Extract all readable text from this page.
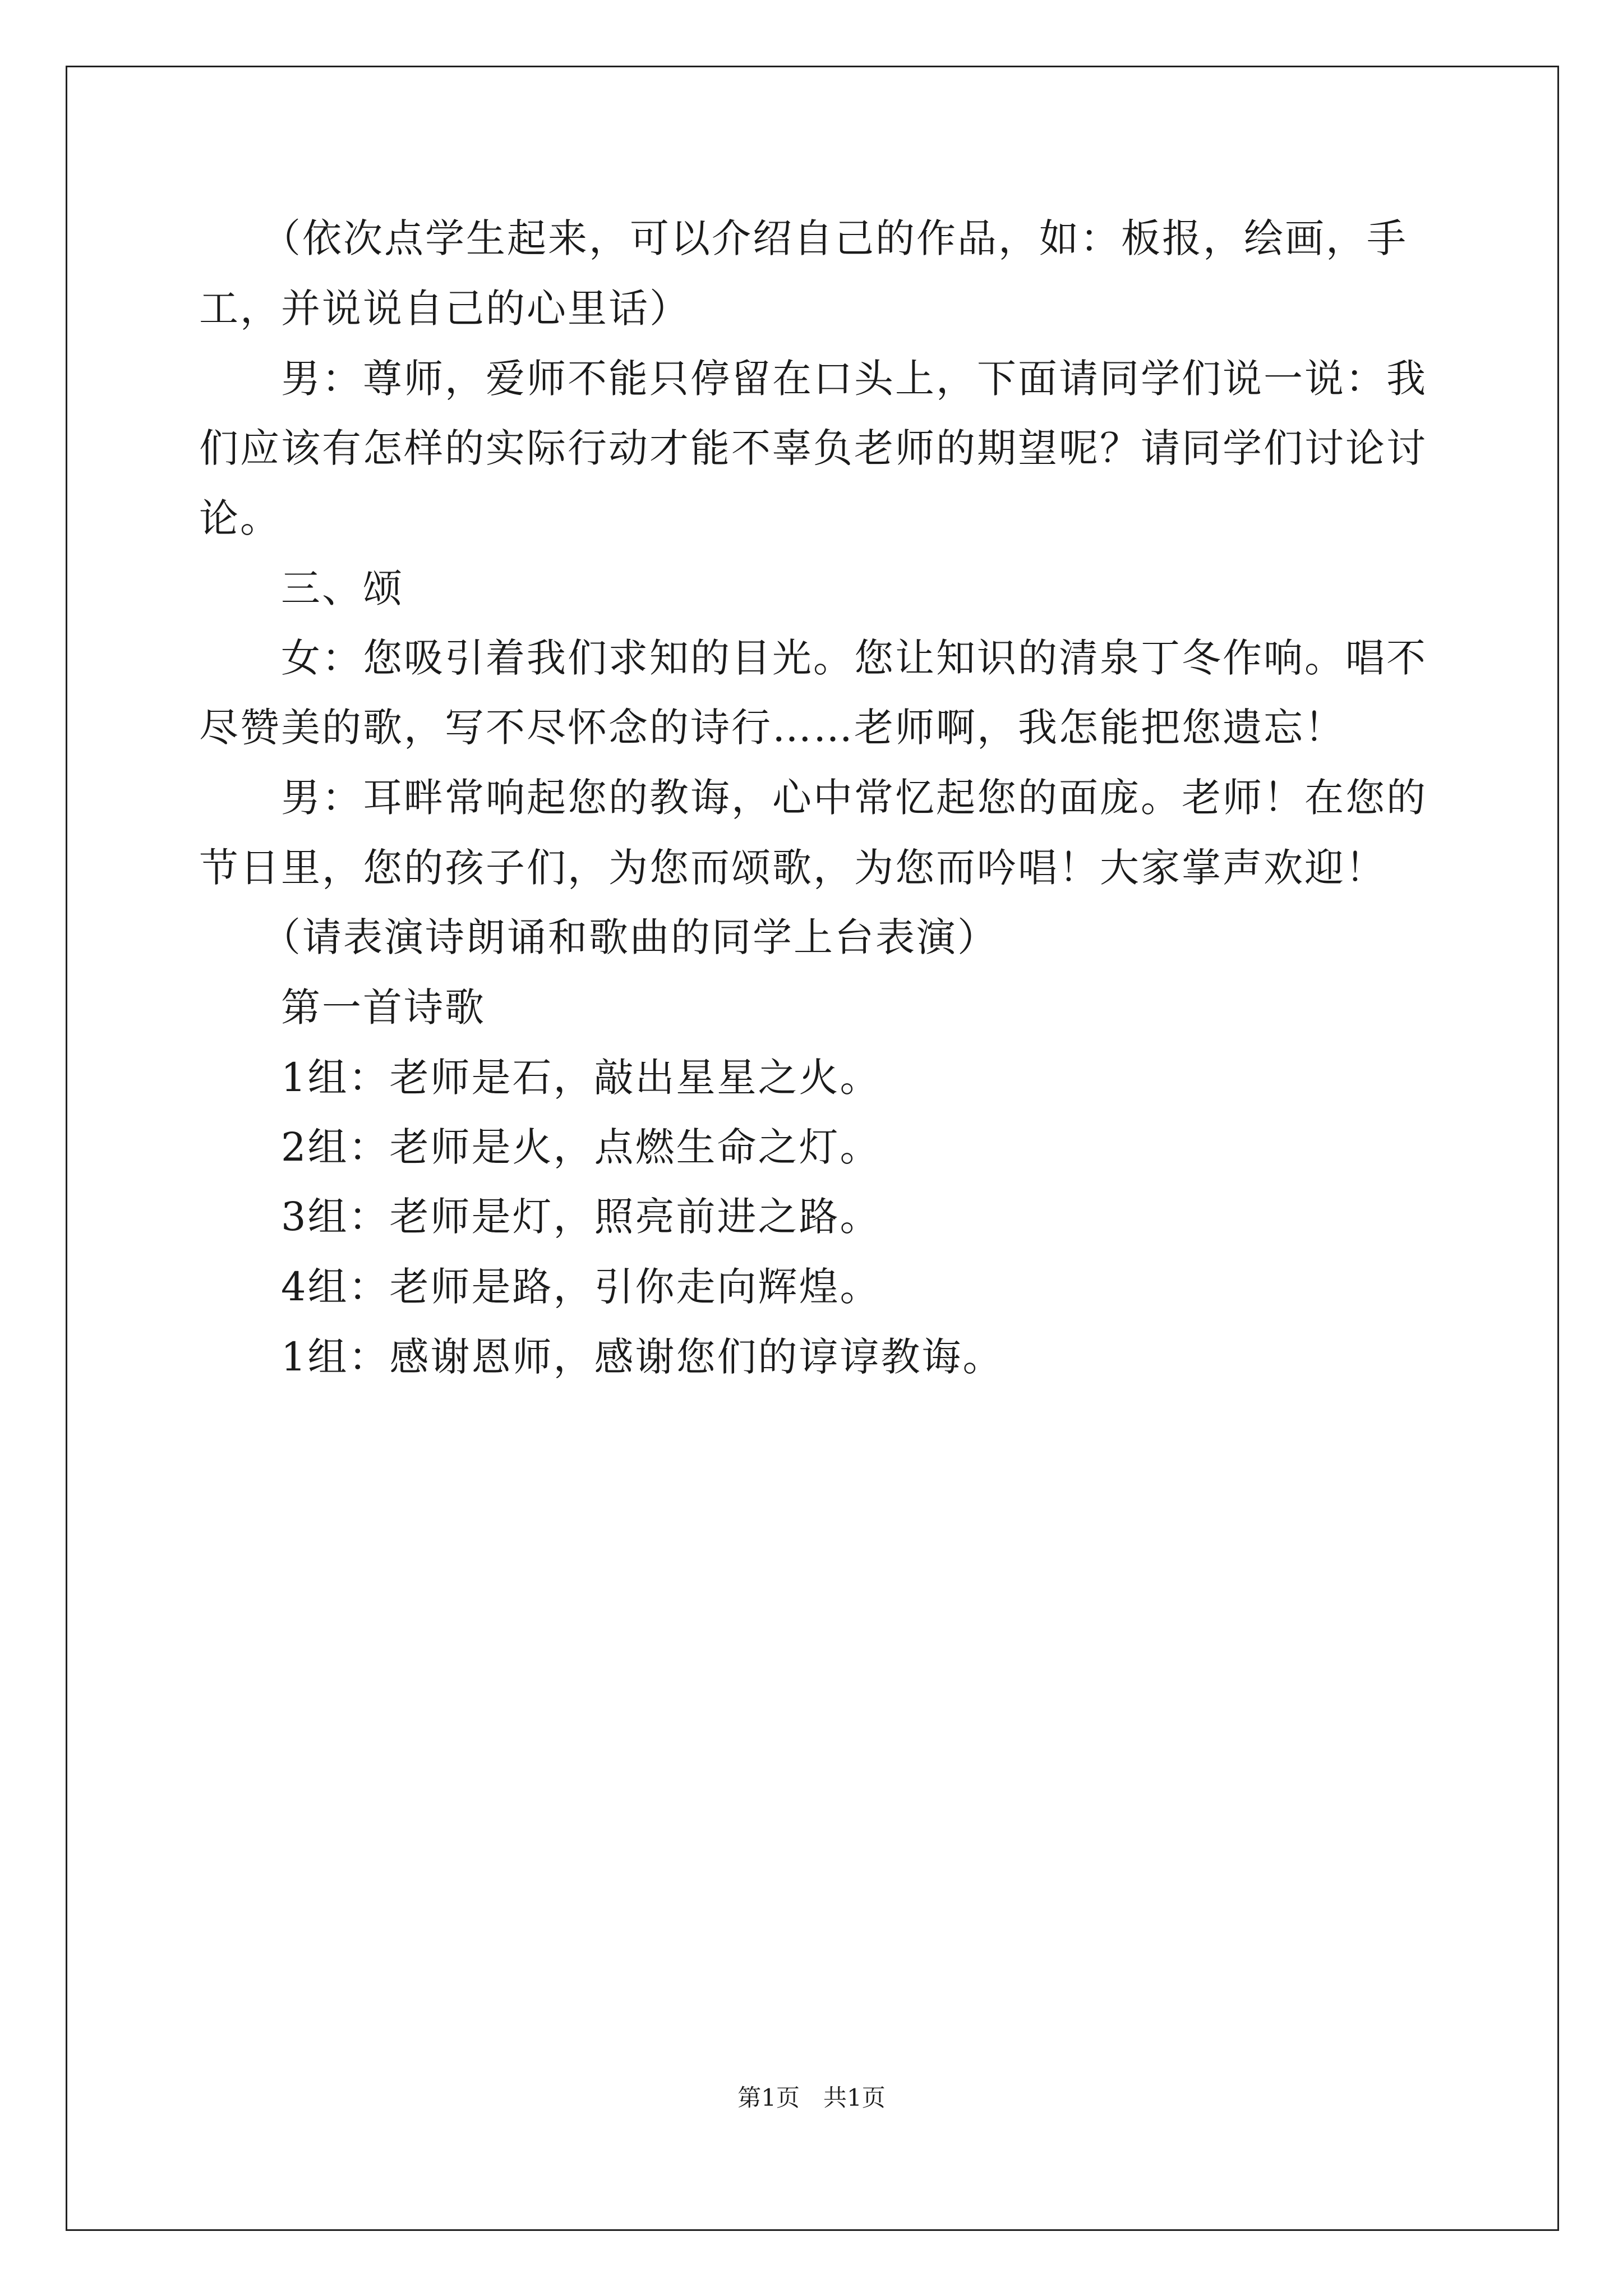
　　（依次点学生起来，可以介绍自己的作品，如：板报，绘画，手

工，并说说自己的心里话）

　　男：尊师，爱师不能只停留在口头上，下面请同学们说一说：我

们应该有怎样的实际行动才能不辜负老师的期望呢？请同学们讨论讨

论。

　　三、颂

　　女：您吸引着我们求知的目光。您让知识的清泉丁冬作响。唱不

尽赞美的歌，写不尽怀念的诗行……老师啊，我怎能把您遗忘！

　　男：耳畔常响起您的教诲，心中常忆起您的面庞。老师！在您的

节日里，您的孩子们，为您而颂歌，为您而吟唱！大家掌声欢迎！

　　（请表演诗朗诵和歌曲的同学上台表演）

　　第一首诗歌

　　1组：老师是石，敲出星星之火。

　　2组：老师是火，点燃生命之灯。

　　3组：老师是灯，照亮前进之路。

　　4组：老师是路，引你走向辉煌。

　　1组：感谢恩师，感谢您们的谆谆教诲。

第1页　共1页
